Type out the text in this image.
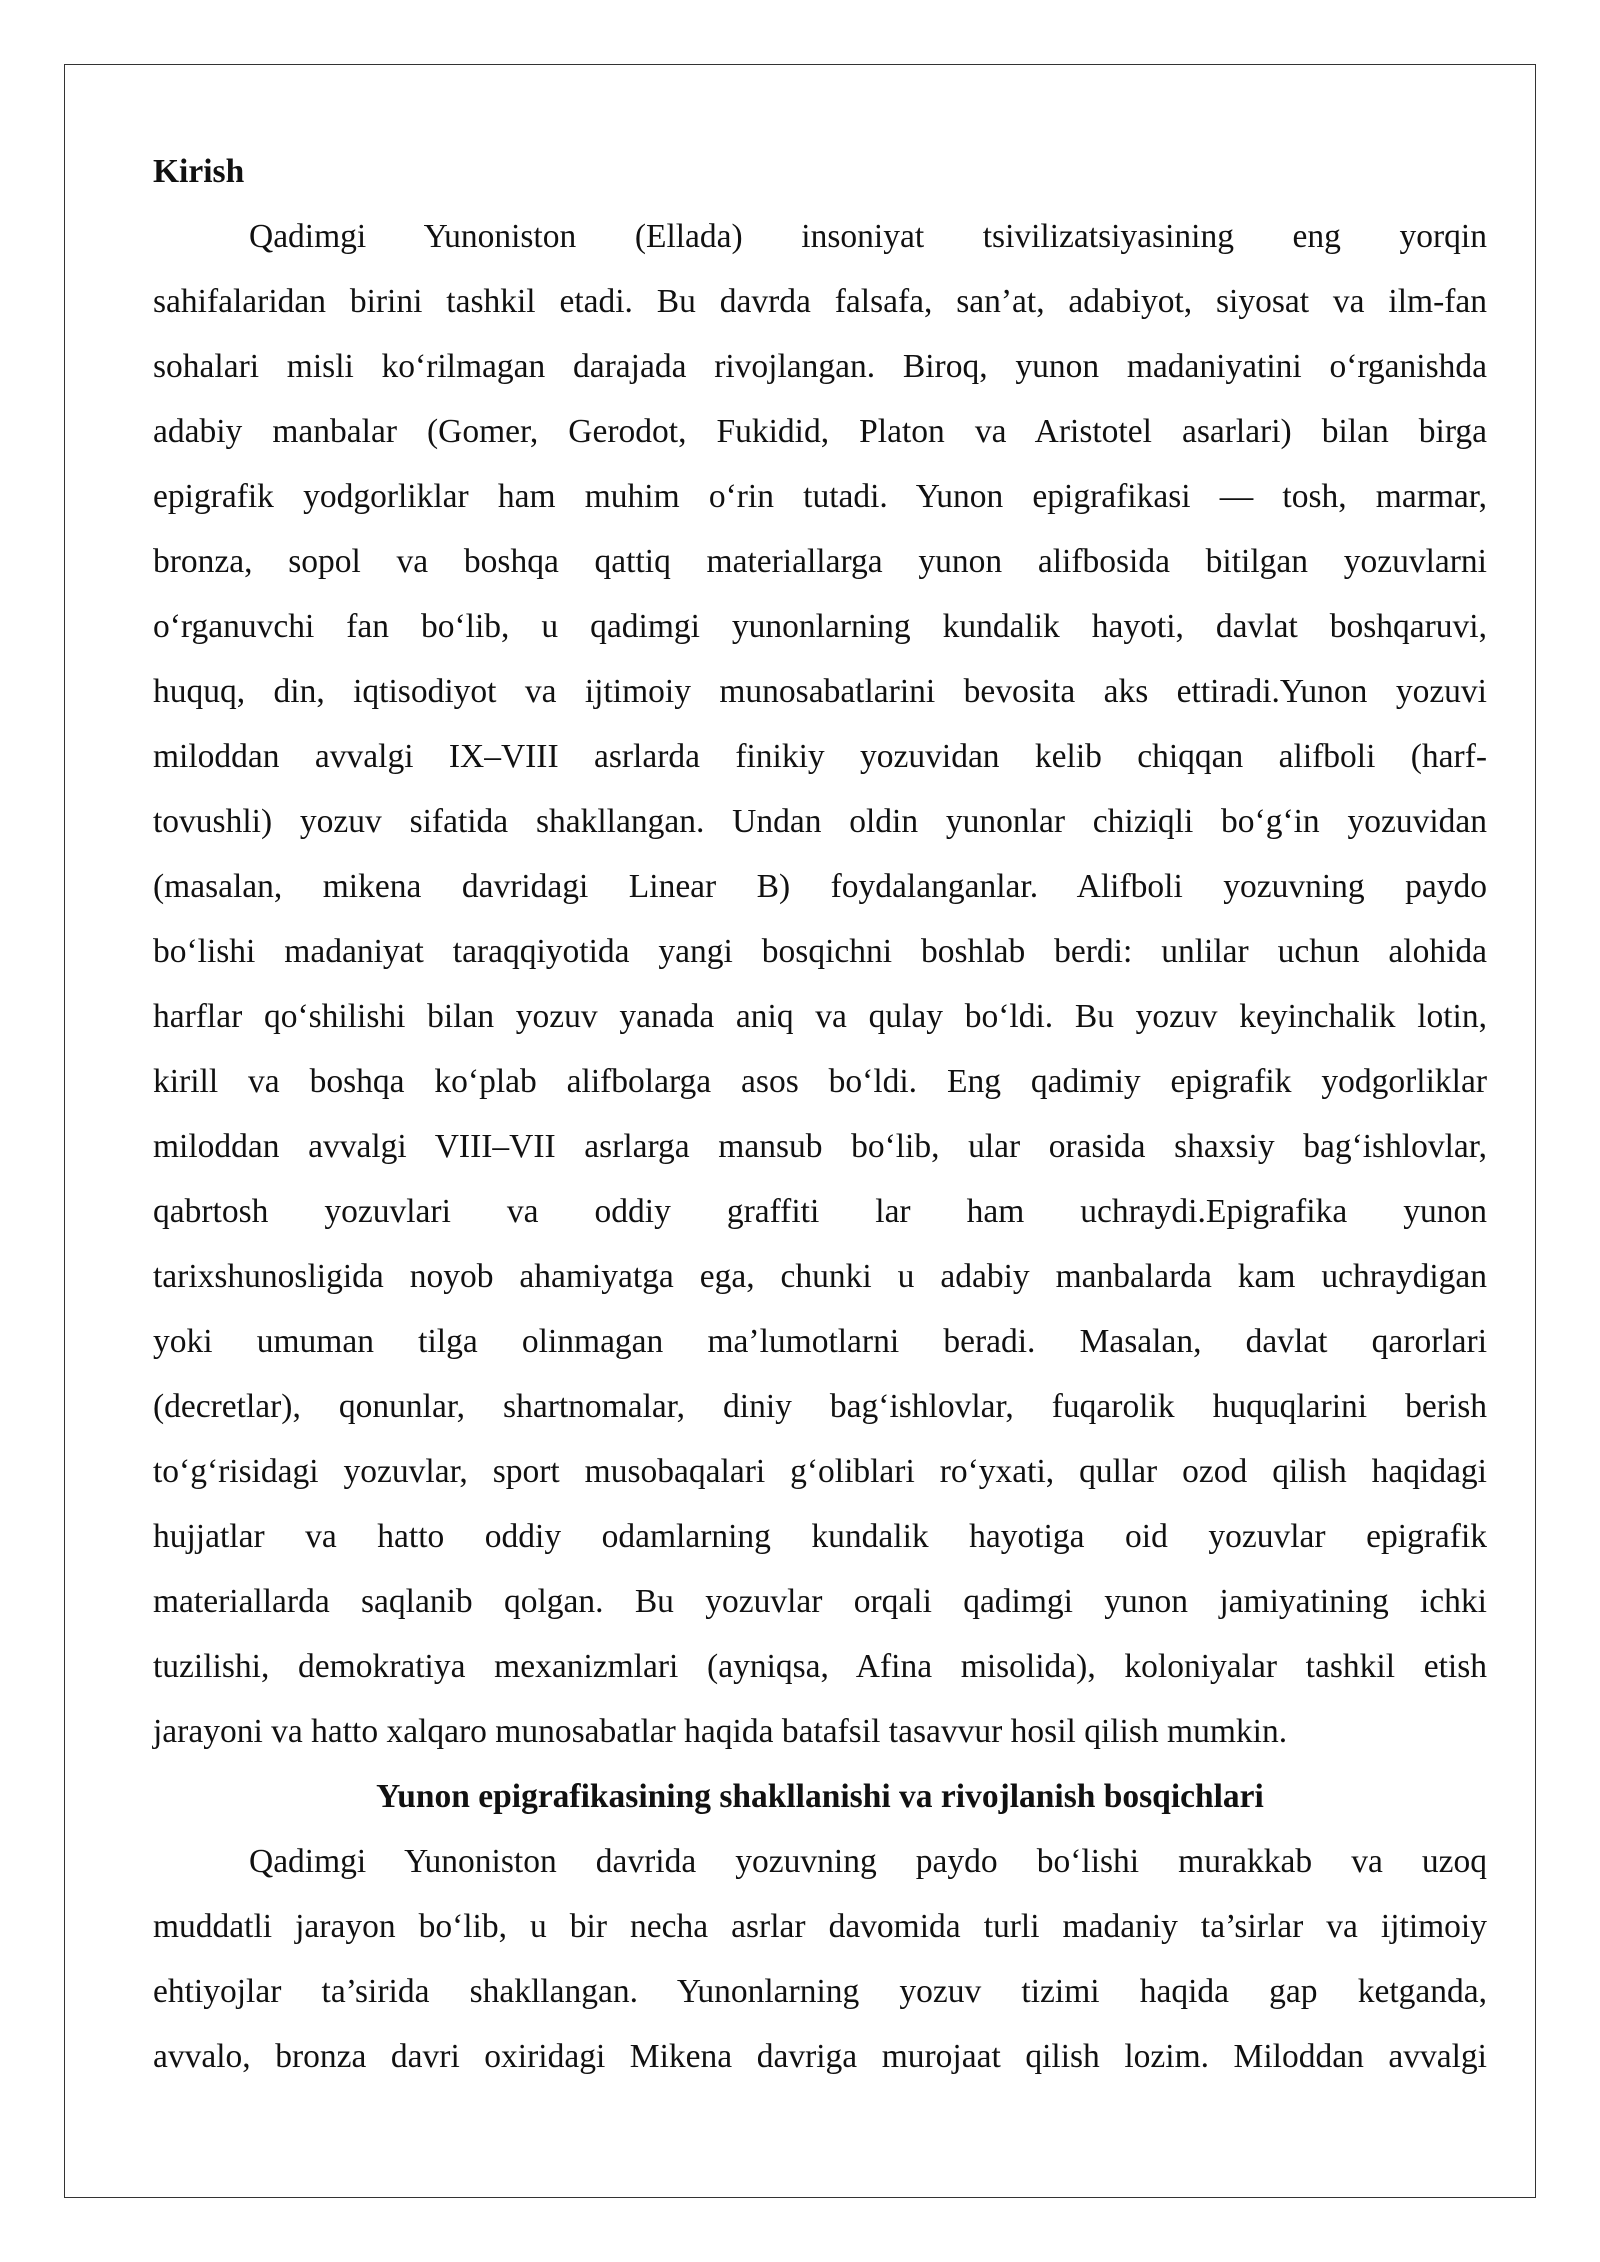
Kirish
Qadimgi Yunoniston (Ellada) insoniyat tsivilizatsiyasining eng yorqin
sahifalaridan birini tashkil etadi. Bu davrda falsafa, san’at, adabiyot, siyosat va ilm-fan
sohalari misli koʻrilmagan darajada rivojlangan. Biroq, yunon madaniyatini oʻrganishda
adabiy manbalar (Gomer, Gerodot, Fukidid, Platon va Aristotel asarlari) bilan birga
epigrafik yodgorliklar ham muhim oʻrin tutadi. Yunon epigrafikasi — tosh, marmar,
bronza, sopol va boshqa qattiq materiallarga yunon alifbosida bitilgan yozuvlarni
oʻrganuvchi fan boʻlib, u qadimgi yunonlarning kundalik hayoti, davlat boshqaruvi,
huquq, din, iqtisodiyot va ijtimoiy munosabatlarini bevosita aks ettiradi.Yunon yozuvi
miloddan avvalgi IX–VIII asrlarda finikiy yozuvidan kelib chiqqan alifboli (harf-
tovushli) yozuv sifatida shakllangan. Undan oldin yunonlar chiziqli boʻgʻin yozuvidan
(masalan, mikena davridagi Linear B) foydalanganlar. Alifboli yozuvning paydo
boʻlishi madaniyat taraqqiyotida yangi bosqichni boshlab berdi: unlilar uchun alohida
harflar qoʻshilishi bilan yozuv yanada aniq va qulay boʻldi. Bu yozuv keyinchalik lotin,
kirill va boshqa koʻplab alifbolarga asos boʻldi. Eng qadimiy epigrafik yodgorliklar
miloddan avvalgi VIII–VII asrlarga mansub boʻlib, ular orasida shaxsiy bagʻishlovlar,
qabrtosh yozuvlari va oddiy graffiti lar ham uchraydi.Epigrafika yunon
tarixshunosligida noyob ahamiyatga ega, chunki u adabiy manbalarda kam uchraydigan
yoki umuman tilga olinmagan ma’lumotlarni beradi. Masalan, davlat qarorlari
(decretlar), qonunlar, shartnomalar, diniy bagʻishlovlar, fuqarolik huquqlarini berish
toʻgʻrisidagi yozuvlar, sport musobaqalari gʻoliblari roʻyxati, qullar ozod qilish haqidagi
hujjatlar va hatto oddiy odamlarning kundalik hayotiga oid yozuvlar epigrafik
materiallarda saqlanib qolgan. Bu yozuvlar orqali qadimgi yunon jamiyatining ichki
tuzilishi, demokratiya mexanizmlari (ayniqsa, Afina misolida), koloniyalar tashkil etish
jarayoni va hatto xalqaro munosabatlar haqida batafsil tasavvur hosil qilish mumkin.
Yunon epigrafikasining shakllanishi va rivojlanish bosqichlari
Qadimgi Yunoniston davrida yozuvning paydo boʻlishi murakkab va uzoq
muddatli jarayon boʻlib, u bir necha asrlar davomida turli madaniy ta’sirlar va ijtimoiy
ehtiyojlar ta’sirida shakllangan. Yunonlarning yozuv tizimi haqida gap ketganda,
avvalo, bronza davri oxiridagi Mikena davriga murojaat qilish lozim. Miloddan avvalgi
